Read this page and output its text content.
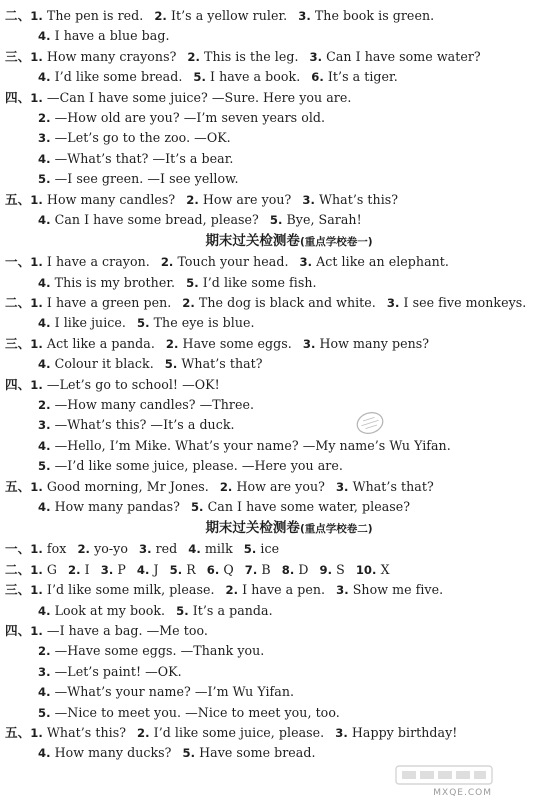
二、1. The pen is red. 2. It’s a yellow ruler. 3. The book is green.
4. I have a blue bag.
三、1. How many crayons? 2. This is the leg. 3. Can I have some water?
4. I’d like some bread. 5. I have a book. 6. It’s a tiger.
四、1. —Can I have some juice? —Sure. Here you are.
2. —How old are you? —I’m seven years old.
3. —Let’s go to the zoo. —OK.
4. —What’s that? —It’s a bear.
5. —I see green. —I see yellow.
五、1. How many candles? 2. How are you? 3. What’s this?
4. Can I have some bread, please? 5. Bye, Sarah!
期末过关检测卷(重点学校卷一)
一、1. I have a crayon. 2. Touch your head. 3. Act like an elephant.
4. This is my brother. 5. I’d like some fish.
二、1. I have a green pen. 2. The dog is black and white. 3. I see five monkeys.
4. I like juice. 5. The eye is blue.
三、1. Act like a panda. 2. Have some eggs. 3. How many pens?
4. Colour it black. 5. What’s that?
四、1. —Let’s go to school! —OK!
2. —How many candles? —Three.
3. —What’s this? —It’s a duck.
4. —Hello, I’m Mike. What’s your name? —My name’s Wu Yifan.
5. —I’d like some juice, please. —Here you are.
五、1. Good morning, Mr Jones. 2. How are you? 3. What’s that?
4. How many pandas? 5. Can I have some water, please?
期末过关检测卷(重点学校卷二)
一、1. fox 2. yo-yo 3. red 4. milk 5. ice
二、1. G 2. I 3. P 4. J 5. R 6. Q 7. B 8. D 9. S 10. X
三、1. I’d like some milk, please. 2. I have a pen. 3. Show me five.
4. Look at my book. 5. It’s a panda.
四、1. —I have a bag. —Me too.
2. —Have some eggs. —Thank you.
3. —Let’s paint! —OK.
4. —What’s your name? —I’m Wu Yifan.
5. —Nice to meet you. —Nice to meet you, too.
五、1. What’s this? 2. I’d like some juice, please. 3. Happy birthday!
4. How many ducks? 5. Have some bread.
MXQE.COM
